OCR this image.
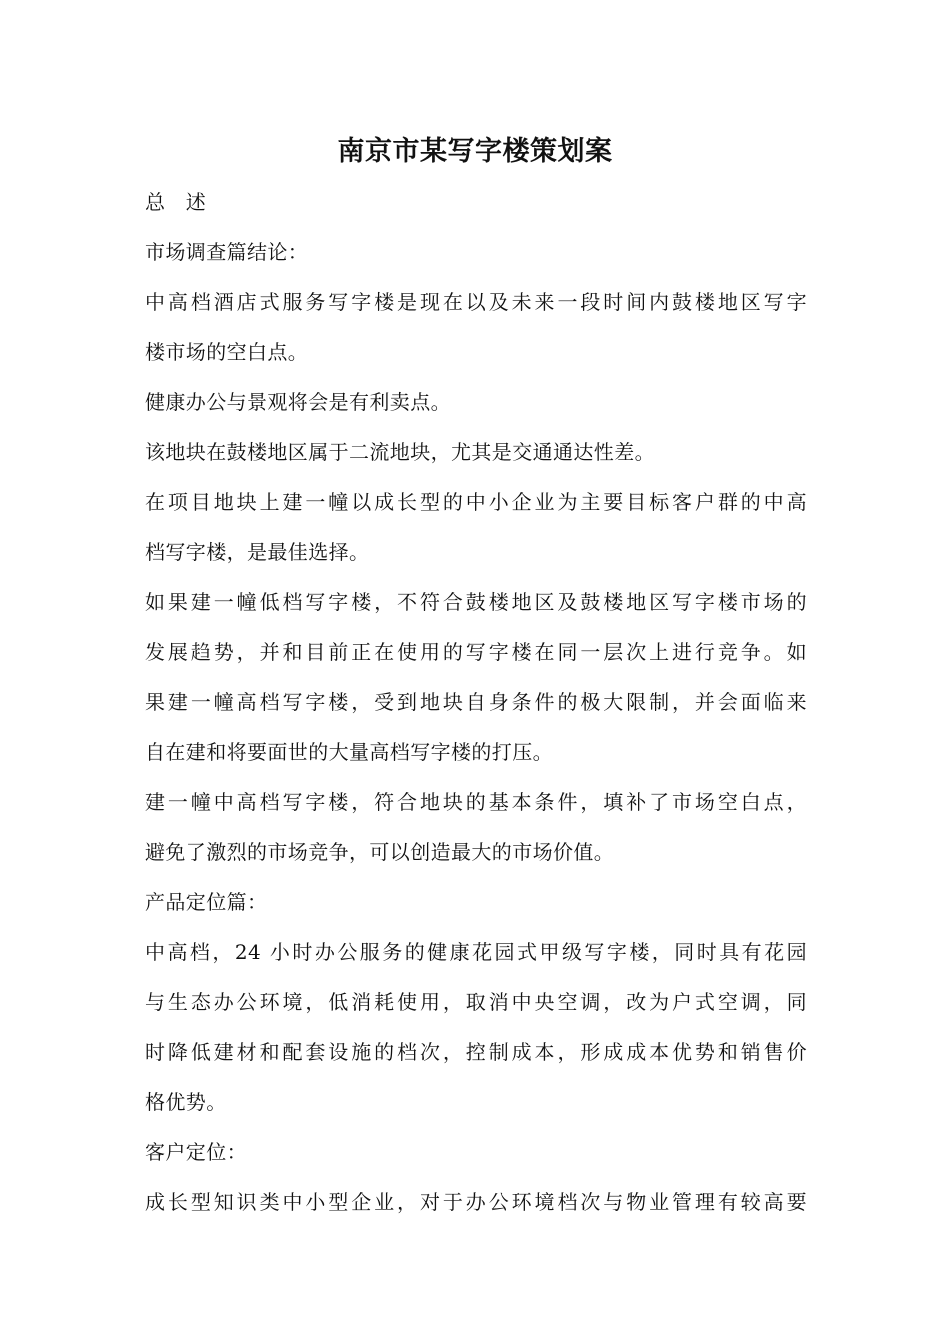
南京市某写字楼策划案
总　述
市场调查篇结论：
中高档酒店式服务写字楼是现在以及未来一段时间内鼓楼地区写字
楼市场的空白点。
健康办公与景观将会是有利卖点。
该地块在鼓楼地区属于二流地块，尤其是交通通达性差。
在项目地块上建一幢以成长型的中小企业为主要目标客户群的中高
档写字楼，是最佳选择。
如果建一幢低档写字楼，不符合鼓楼地区及鼓楼地区写字楼市场的
发展趋势，并和目前正在使用的写字楼在同一层次上进行竞争。如
果建一幢高档写字楼，受到地块自身条件的极大限制，并会面临来
自在建和将要面世的大量高档写字楼的打压。
建一幢中高档写字楼，符合地块的基本条件，填补了市场空白点，
避免了激烈的市场竞争，可以创造最大的市场价值。
产品定位篇：
中高档，24 小时办公服务的健康花园式甲级写字楼，同时具有花园
与生态办公环境，低消耗使用，取消中央空调，改为户式空调，同
时降低建材和配套设施的档次，控制成本，形成成本优势和销售价
格优势。
客户定位：
成长型知识类中小型企业，对于办公环境档次与物业管理有较高要
